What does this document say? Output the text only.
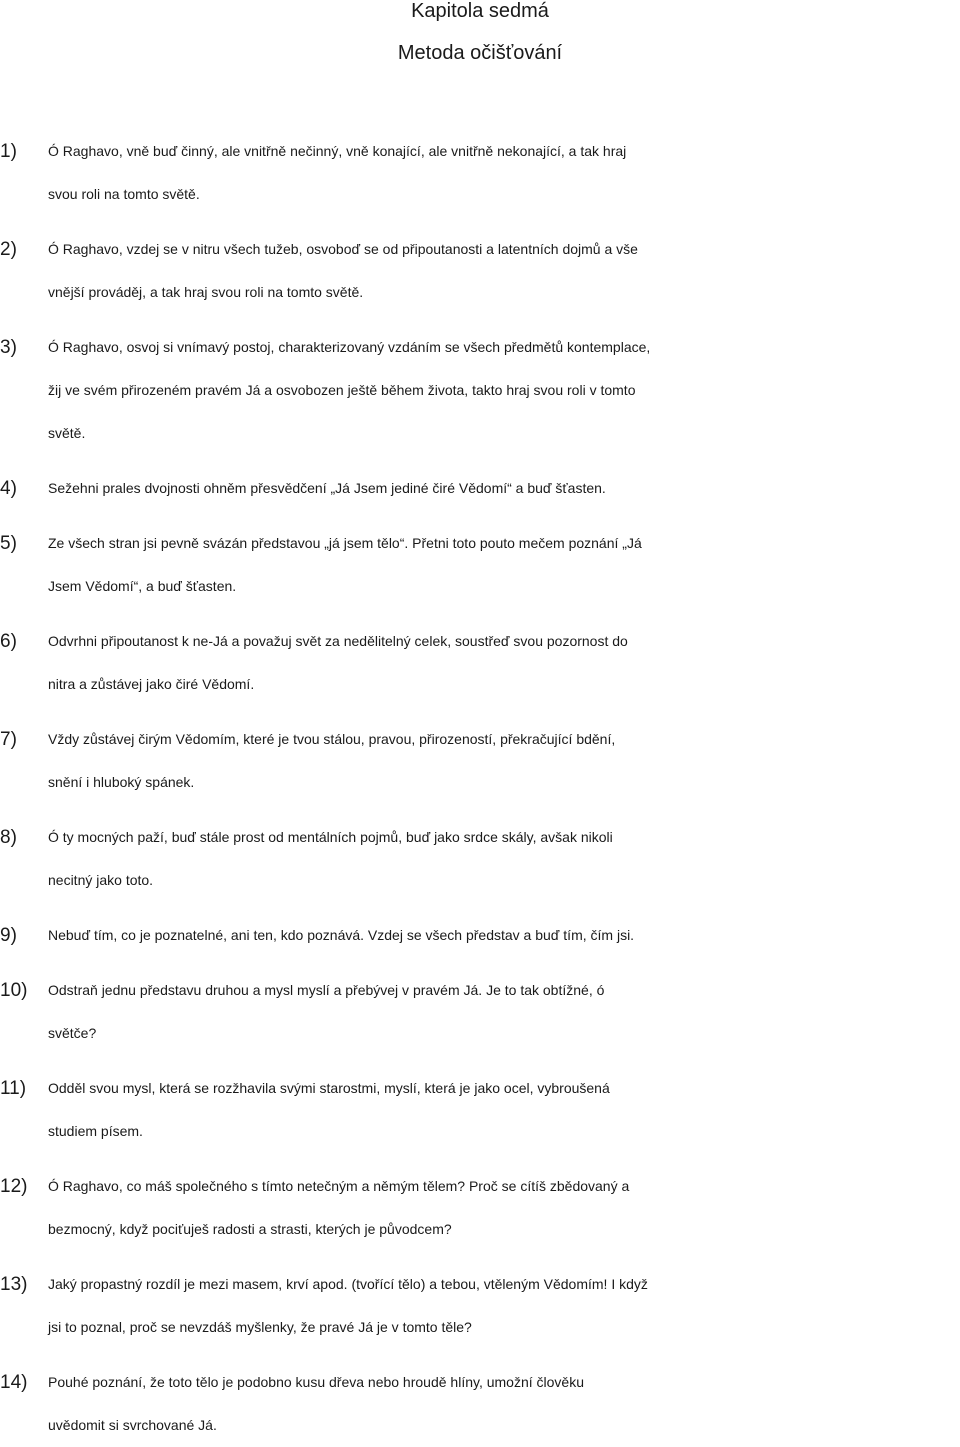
Kapitola sedmá
Metoda očišťování
1)	Ó Raghavo, vně buď činný, ale vnitřně nečinný, vně konající, ale vnitřně nekonající, a tak hraj
svou roli na tomto světě.
2)	Ó Raghavo, vzdej se v nitru všech tužeb, osvoboď se od připoutanosti a latentních dojmů a vše
vnější prováděj, a tak hraj svou roli na tomto světě.
3)	Ó Raghavo, osvoj si vnímavý postoj, charakterizovaný vzdáním se všech předmětů kontemplace,
žij ve svém přirozeném pravém Já a osvobozen ještě během života, takto hraj svou roli v tomto
světě.
4)	Sežehni prales dvojnosti ohněm přesvědčení „Já Jsem jediné čiré Vědomí“ a buď šťasten.
5)	Ze všech stran jsi pevně svázán představou „já jsem tělo“. Přetni toto pouto mečem poznání „Já
Jsem Vědomí“, a buď šťasten.
6)	Odvrhni připoutanost k ne-Já a považuj svět za nedělitelný celek, soustřeď svou pozornost do
nitra a zůstávej jako čiré Vědomí.
7)	Vždy zůstávej čirým Vědomím, které je tvou stálou, pravou, přirozeností, překračující bdění,
snění i hluboký spánek.
8)	Ó ty mocných paží, buď stále prost od mentálních pojmů, buď jako srdce skály, avšak nikoli
necitný jako toto.
9)	Nebuď tím, co je poznatelné, ani ten, kdo poznává. Vzdej se všech představ a buď tím, čím jsi.
10)	Odstraň jednu představu druhou a mysl myslí a přebývej v pravém Já. Je to tak obtížné, ó
světče?
11)	Odděl svou mysl, která se rozžhavila svými starostmi, myslí, která je jako ocel, vybroušená
studiem písem.
12)	Ó Raghavo, co máš společného s tímto netečným a němým tělem? Proč se cítíš zbědovaný a
bezmocný, když pociťuješ radosti a strasti, kterých je původcem?
13)	Jaký propastný rozdíl je mezi masem, krví apod. (tvořící tělo) a tebou, vtěleným Vědomím! I když
jsi to poznal, proč se nevzdáš myšlenky, že pravé Já je v tomto těle?
14)	Pouhé poznání, že toto tělo je podobno kusu dřeva nebo hroudě hlíny, umožní člověku
uvědomit si svrchované Já.
